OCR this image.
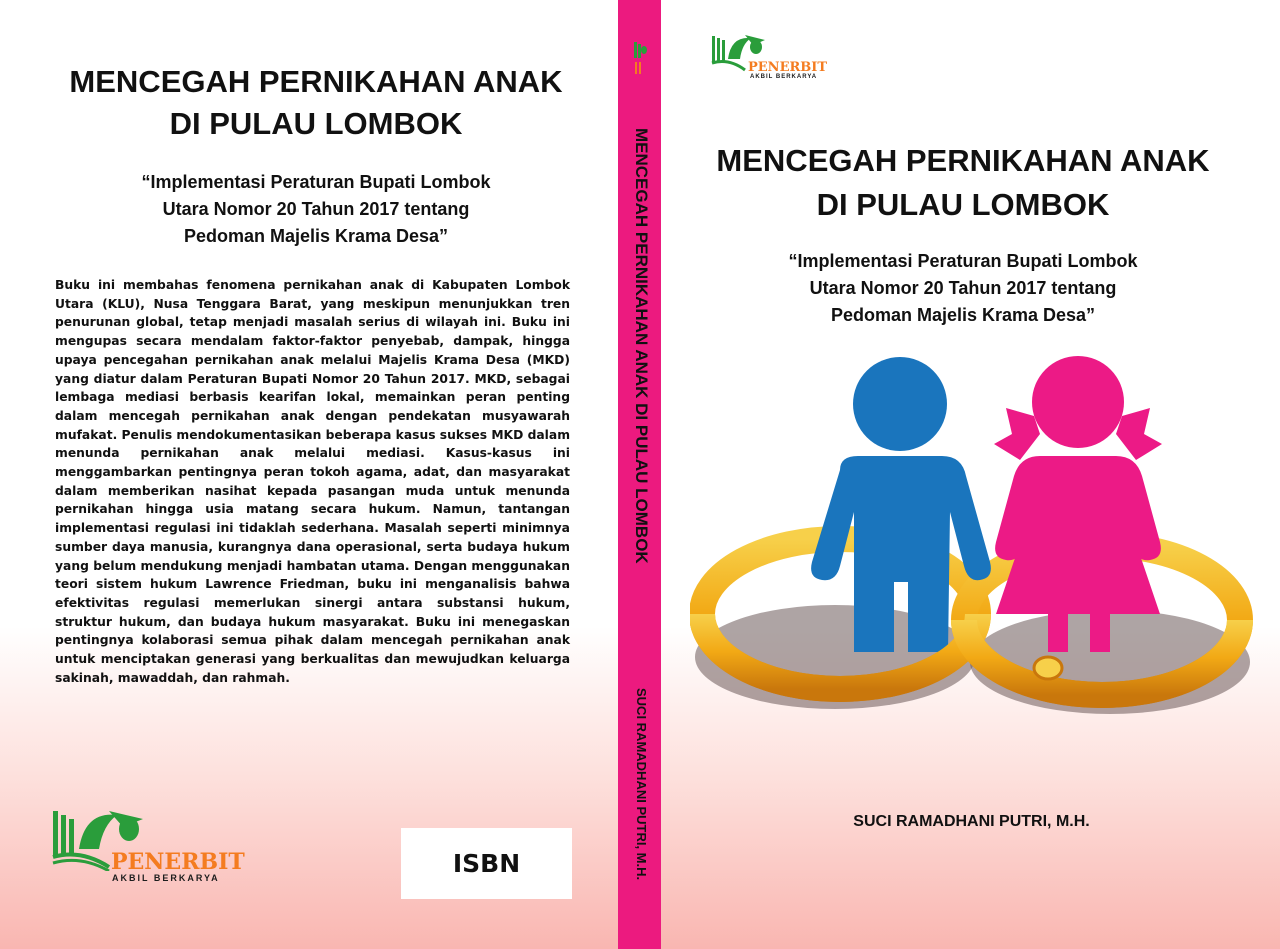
MENCEGAH PERNIKAHAN ANAK
DI PULAU LOMBOK
“Implementasi Peraturan Bupati Lombok
Utara Nomor 20 Tahun 2017 tentang
Pedoman Majelis Krama Desa”
Buku ini membahas fenomena pernikahan anak di Kabupaten Lombok Utara (KLU), Nusa Tenggara Barat, yang meskipun menunjukkan tren penurunan global, tetap menjadi masalah serius di wilayah ini. Buku ini mengupas secara mendalam faktor-faktor penyebab, dampak, hingga upaya pencegahan pernikahan anak melalui Majelis Krama Desa (MKD) yang diatur dalam Peraturan Bupati Nomor 20 Tahun 2017. MKD, sebagai lembaga mediasi berbasis kearifan lokal, memainkan peran penting dalam mencegah pernikahan anak dengan pendekatan musyawarah mufakat. Penulis mendokumentasikan beberapa kasus sukses MKD dalam menunda pernikahan anak melalui mediasi. Kasus-kasus ini menggambarkan pentingnya peran tokoh agama, adat, dan masyarakat dalam memberikan nasihat kepada pasangan muda untuk menunda pernikahan hingga usia matang secara hukum. Namun, tantangan implementasi regulasi ini tidaklah sederhana. Masalah seperti minimnya sumber daya manusia, kurangnya dana operasional, serta budaya hukum yang belum mendukung menjadi hambatan utama. Dengan menggunakan teori sistem hukum Lawrence Friedman, buku ini menganalisis bahwa efektivitas regulasi memerlukan sinergi antara substansi hukum, struktur hukum, dan budaya hukum masyarakat. Buku ini menegaskan pentingnya kolaborasi semua pihak dalam mencegah pernikahan anak untuk menciptakan generasi yang berkualitas dan mewujudkan keluarga sakinah, mawaddah, dan rahmah.
PENERBIT
AKBIL BERKARYA	ISBN
MENCEGAH PERNIKAHAN ANAK DI PULAU LOMBOK
SUCI RAMADHANI PUTRI, M.H.
PENERBIT
AKBIL BERKARYA
MENCEGAH PERNIKAHAN ANAK
DI PULAU LOMBOK
“Implementasi Peraturan Bupati Lombok
Utara Nomor 20 Tahun 2017 tentang
Pedoman Majelis Krama Desa”
SUCI RAMADHANI PUTRI, M.H.
